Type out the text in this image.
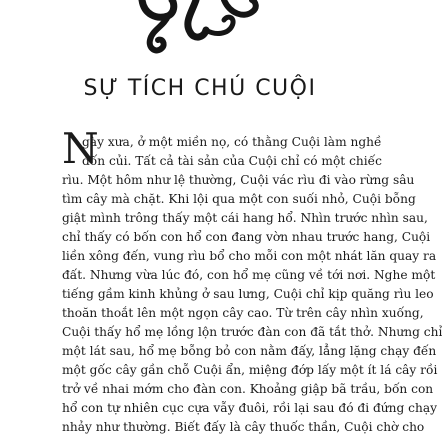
SỰ TÍCH CHÚ CUỘI
N
gày xưa, ở một miền nọ, có thằng Cuội làm nghề
đốn củi. Tất cả tài sản của Cuội chỉ có một chiếc
rìu. Một hôm như lệ thường, Cuội vác rìu đi vào rừng sâu
tìm cây mà chặt. Khi lội qua một con suối nhỏ, Cuội bỗng
giật mình trông thấy một cái hang hổ. Nhìn trước nhìn sau,
chỉ thấy có bốn con hổ con đang vờn nhau trước hang, Cuội
liền xông đến, vung rìu bổ cho mỗi con một nhát lăn quay ra
đất. Nhưng vừa lúc đó, con hổ mẹ cũng về tới nơi. Nghe một
tiếng gầm kinh khủng ở sau lưng, Cuội chỉ kịp quăng rìu leo
thoăn thoắt lên một ngọn cây cao. Từ trên cây nhìn xuống,
Cuội thấy hổ mẹ lồng lộn trước đàn con đã tắt thở. Nhưng chỉ
một lát sau, hổ mẹ bỗng bỏ con nằm đấy, lẳng lặng chạy đến
một gốc cây gần chỗ Cuội ẩn, miệng đớp lấy một ít lá cây rồi
trở về nhai mớm cho đàn con. Khoảng giập bã trầu, bốn con
hổ con tự nhiên cục cựa vẫy đuôi, rồi lại sau đó đi đứng chạy
nhảy như thường. Biết đấy là cây thuốc thần, Cuội chờ cho
